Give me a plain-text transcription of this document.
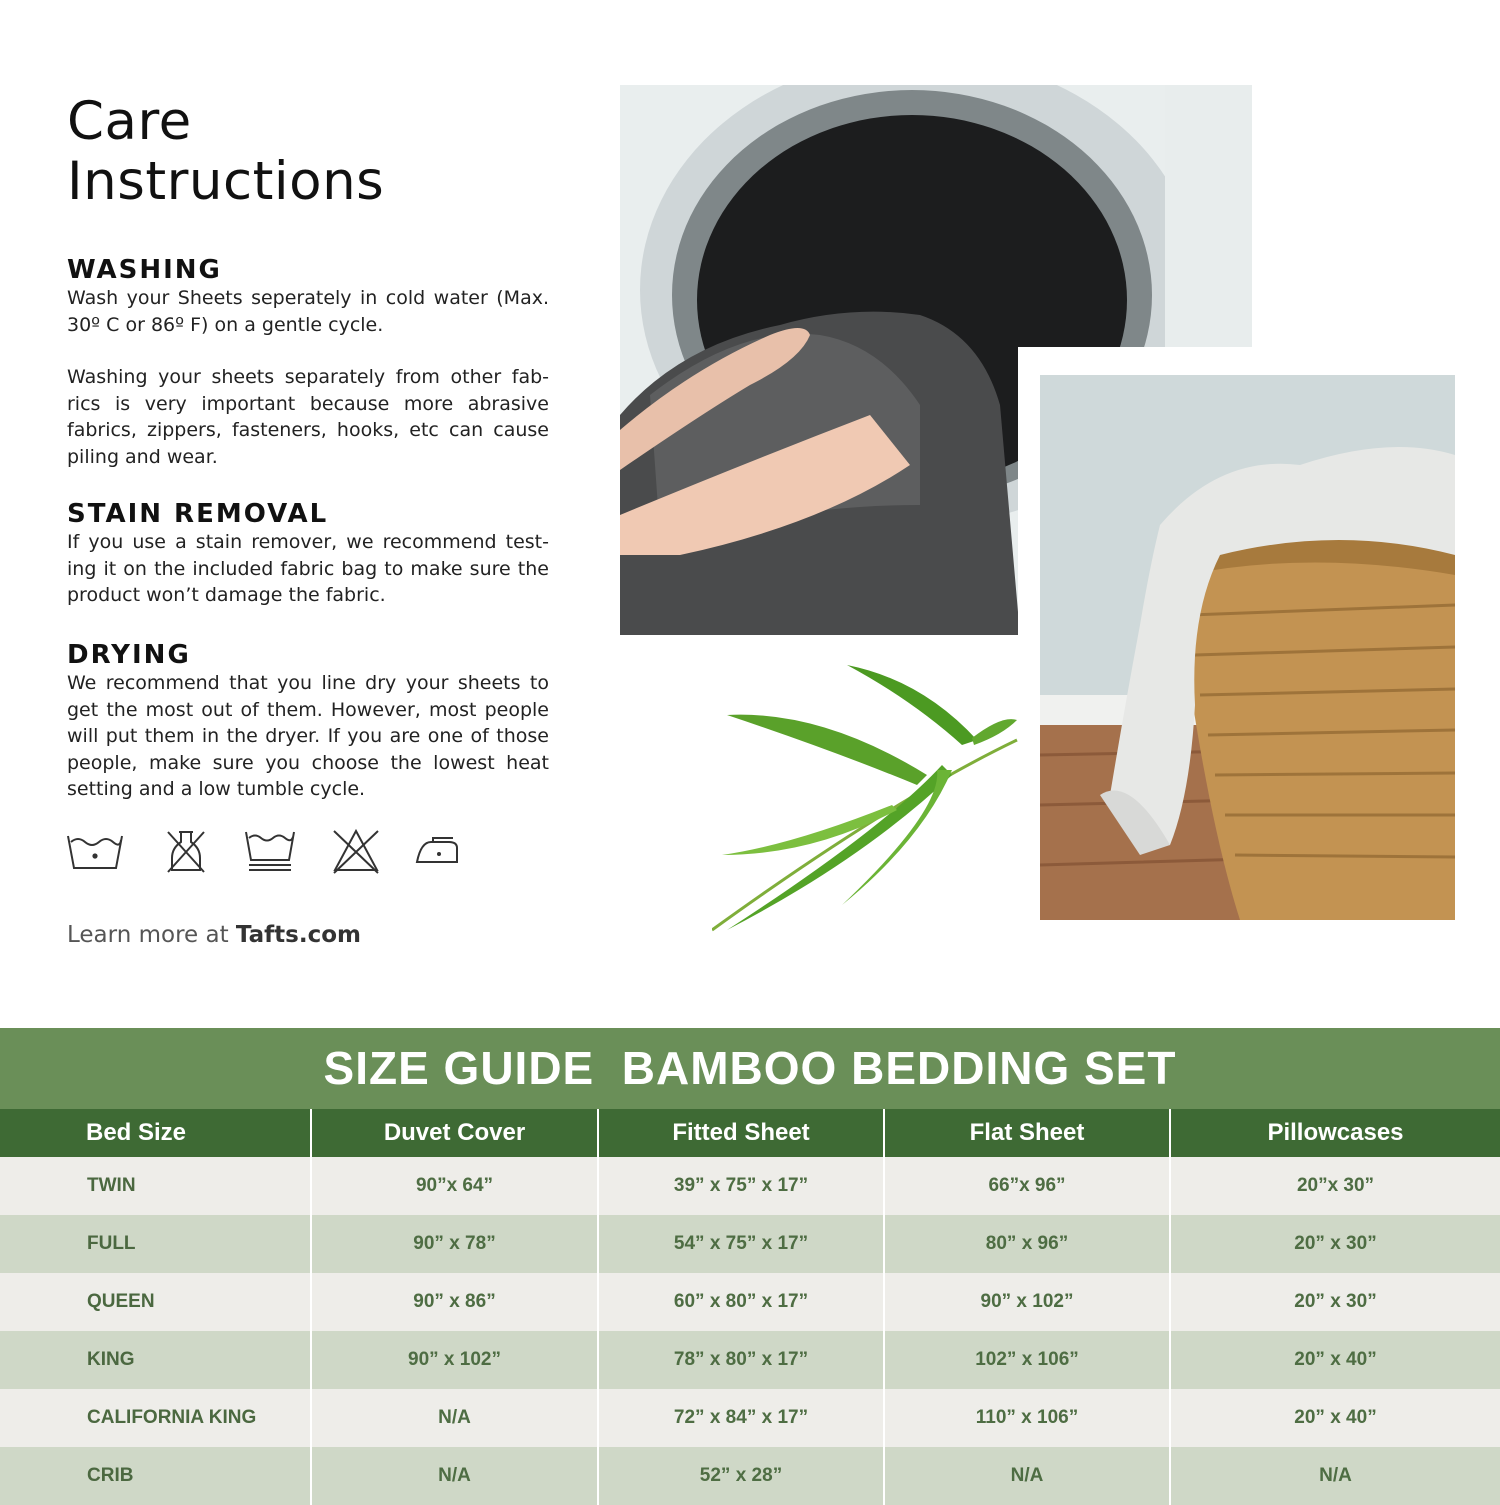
Care
Instructions
WASHING

Wash your Sheets seperately in cold water (Max. 30º C or 86º F) on a gentle cycle.

Washing your sheets separately from other fab-rics is very important because more abrasive fabrics, zippers, fasteners, hooks, etc can cause piling and wear.

STAIN REMOVAL

If you use a stain remover, we recommend test-ing it on the included fabric bag to make sure the product won’t damage the fabric.

DRYING

We recommend that you line dry your sheets to get the most out of them. However, most people will put them in the dryer. If you are one of those people, make sure you choose the lowest heat setting and a low tumble cycle.

Learn more at Tafts.com
SIZE GUIDE  BAMBOO BEDDING SET
Bed Size	Duvet Cover	Fitted Sheet	Flat Sheet	Pillowcases
TWIN	90”x 64”	39” x 75” x 17”	66”x 96”	20”x 30”
FULL	90” x 78”	54” x 75” x 17”	80” x 96”	20” x 30”
QUEEN	90” x 86”	60” x 80” x 17”	90” x 102”	20” x 30”
KING	90” x 102”	78” x 80” x 17”	102” x 106”	20” x 40”
CALIFORNIA KING	N/A	72” x 84” x 17”	110” x 106”	20” x 40”
CRIB	N/A	52” x 28”	N/A	N/A
